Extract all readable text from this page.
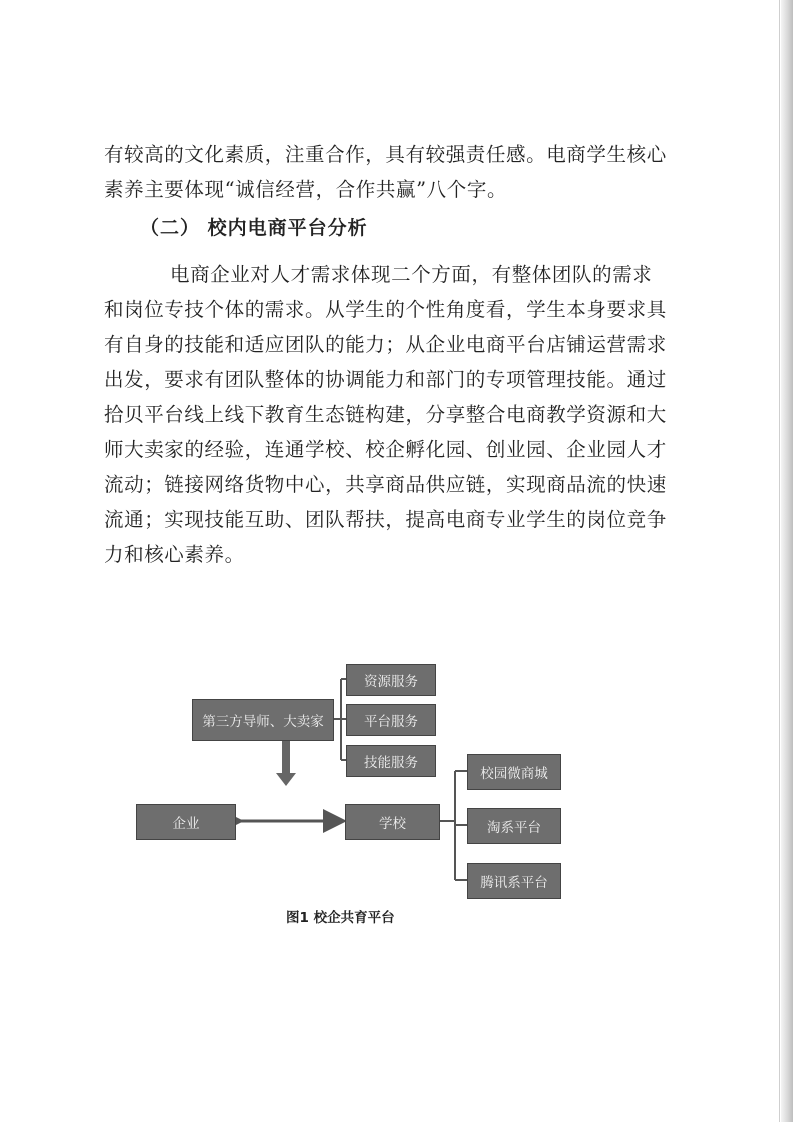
有较高的文化素质，注重合作，具有较强责任感。电商学生核心
素养主要体现“诚信经营，合作共赢”八个字。

（二） 校内电商平台分析

电商企业对人才需求体现二个方面，有整体团队的需求
和岗位专技个体的需求。从学生的个性角度看，学生本身要求具
有自身的技能和适应团队的能力；从企业电商平台店铺运营需求
出发，要求有团队整体的协调能力和部门的专项管理技能。通过
拾贝平台线上线下教育生态链构建，分享整合电商教学资源和大
师大卖家的经验，连通学校、校企孵化园、创业园、企业园人才
流动；链接网络货物中心，共享商品供应链，实现商品流的快速
流通；实现技能互助、团队帮扶，提高电商专业学生的岗位竞争
力和核心素养。
第三方导师、大卖家
资源服务
平台服务
技能服务
企业	学校
校园微商城
淘系平台
腾讯系平台

图1 校企共育平台
